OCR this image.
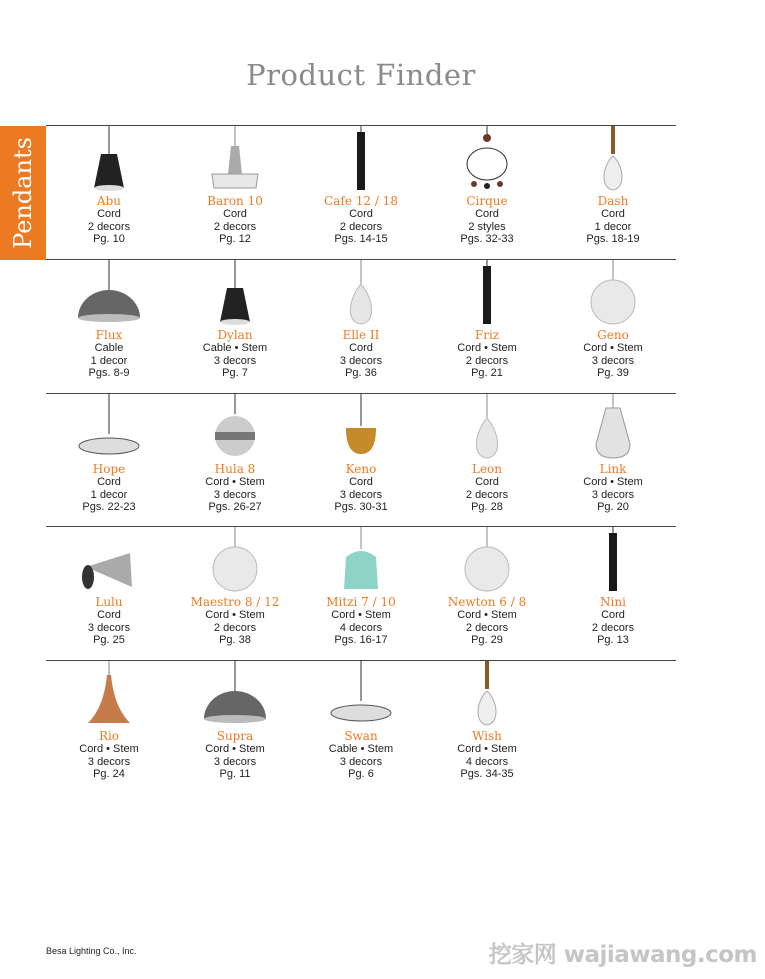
Product Finder
Pendants	Abu
Cord
2 decors
Pg. 10
Baron 10
Cord
2 decors
Pg. 12
Cafe 12 / 18
Cord
2 decors
Pgs. 14-15
Cirque
Cord
2 styles
Pgs. 32-33
Dash
Cord
1 decor
Pgs. 18-19
Flux
Cable
1 decor
Pgs. 8-9
Dylan
Cable • Stem
3 decors
Pg. 7
Elle II
Cord
3 decors
Pg. 36
Friz
Cord • Stem
2 decors
Pg. 21
Geno
Cord • Stem
3 decors
Pg. 39
Hope
Cord
1 decor
Pgs. 22-23
Hula 8
Cord • Stem
3 decors
Pgs. 26-27
Keno
Cord
3 decors
Pgs. 30-31
Leon
Cord
2 decors
Pg. 28
Link
Cord • Stem
3 decors
Pg. 20
Lulu
Cord
3 decors
Pg. 25
Maestro 8 / 12
Cord • Stem
2 decors
Pg. 38
Mitzi 7 / 10
Cord • Stem
4 decors
Pgs. 16-17
Newton 6 / 8
Cord • Stem
2 decors
Pg. 29
Nini
Cord
2 decors
Pg. 13
Rio
Cord • Stem
3 decors
Pg. 24
Supra
Cord • Stem
3 decors
Pg. 11
Swan
Cable • Stem
3 decors
Pg. 6
Wish
Cord • Stem
4 decors
Pgs. 34-35
Besa Lighting Co., Inc.	挖家网 wajiawang.com
